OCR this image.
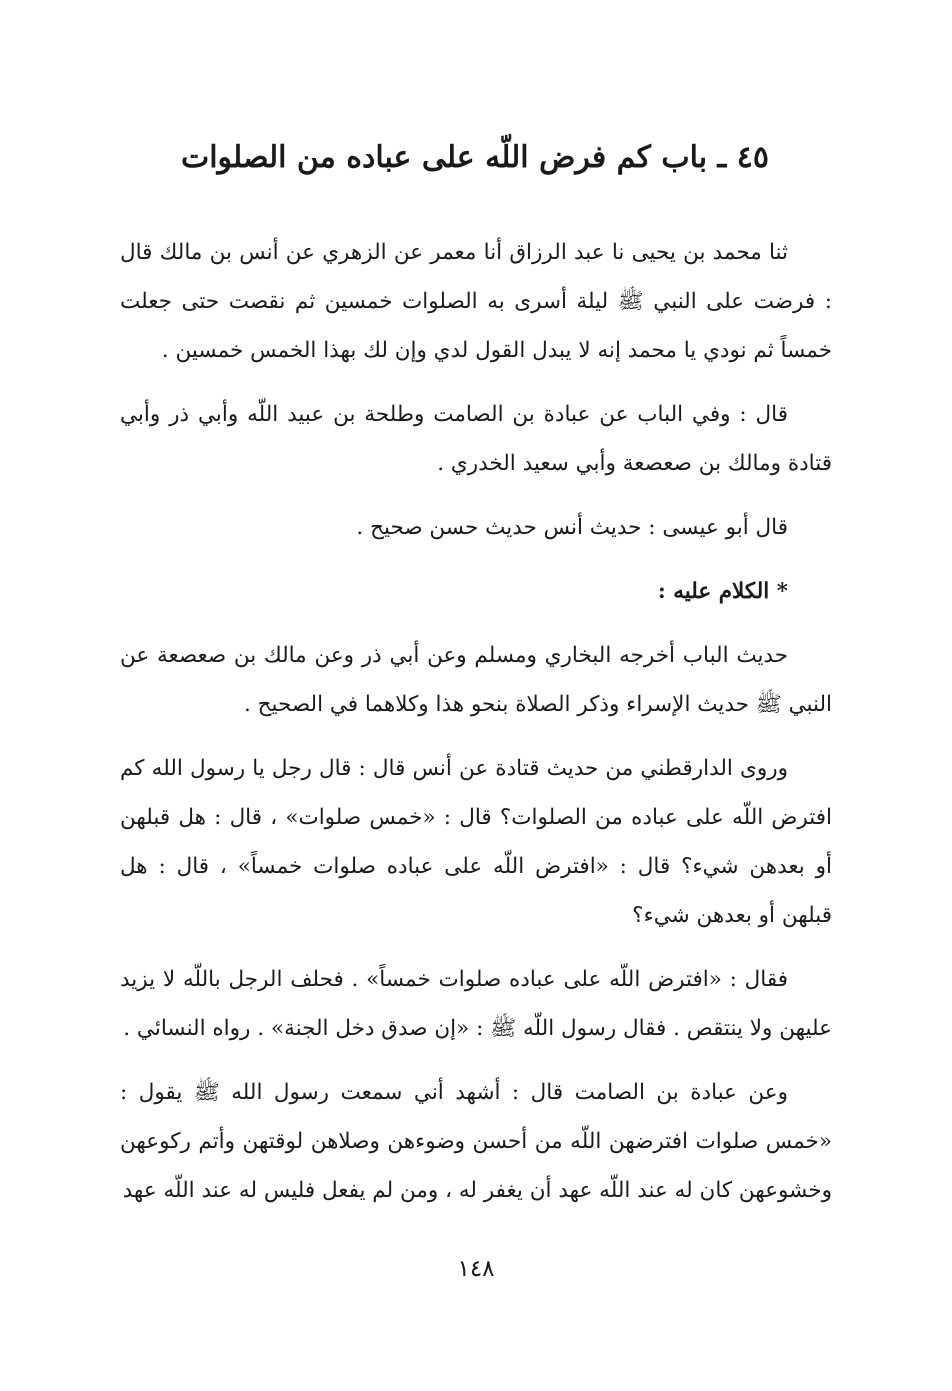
٤٥ ـ باب كم فرض اللّه على عباده من الصلوات

ثنا محمد بن يحيى نا عبد الرزاق أنا معمر عن الزهري عن أنس بن مالك قال : فرضت على النبي ﷺ ليلة أسرى به الصلوات خمسين ثم نقصت حتى جعلت خمساً ثم نودي يا محمد إنه لا يبدل القول لدي وإن لك بهذا الخمس خمسين .

قال : وفي الباب عن عبادة بن الصامت وطلحة بن عبيد اللّه وأبي ذر وأبي قتادة ومالك بن صعصعة وأبي سعيد الخدري .

قال أبو عيسى : حديث أنس حديث حسن صحيح .

* الكلام عليه :

حديث الباب أخرجه البخاري ومسلم وعن أبي ذر وعن مالك بن صعصعة عن النبي ﷺ حديث الإسراء وذكر الصلاة بنحو هذا وكلاهما في الصحيح .

وروى الدارقطني من حديث قتادة عن أنس قال : قال رجل يا رسول الله كم افترض اللّه على عباده من الصلوات؟ قال : «خمس صلوات» ، قال : هل قبلهن أو بعدهن شيء؟ قال : «افترض اللّه على عباده صلوات خمساً» ، قال : هل قبلهن أو بعدهن شيء؟

فقال : «افترض اللّه على عباده صلوات خمساً» . فحلف الرجل باللّه لا يزيد عليهن ولا ينتقص . فقال رسول اللّه ﷺ : «إن صدق دخل الجنة» . رواه النسائي .

وعن عبادة بن الصامت قال : أشهد أني سمعت رسول الله ﷺ يقول : «خمس صلوات افترضهن اللّه من أحسن وضوءهن وصلاهن لوقتهن وأتم ركوعهن وخشوعهن كان له عند اللّه عهد أن يغفر له ، ومن لم يفعل فليس له عند اللّه عهد

١٤٨
